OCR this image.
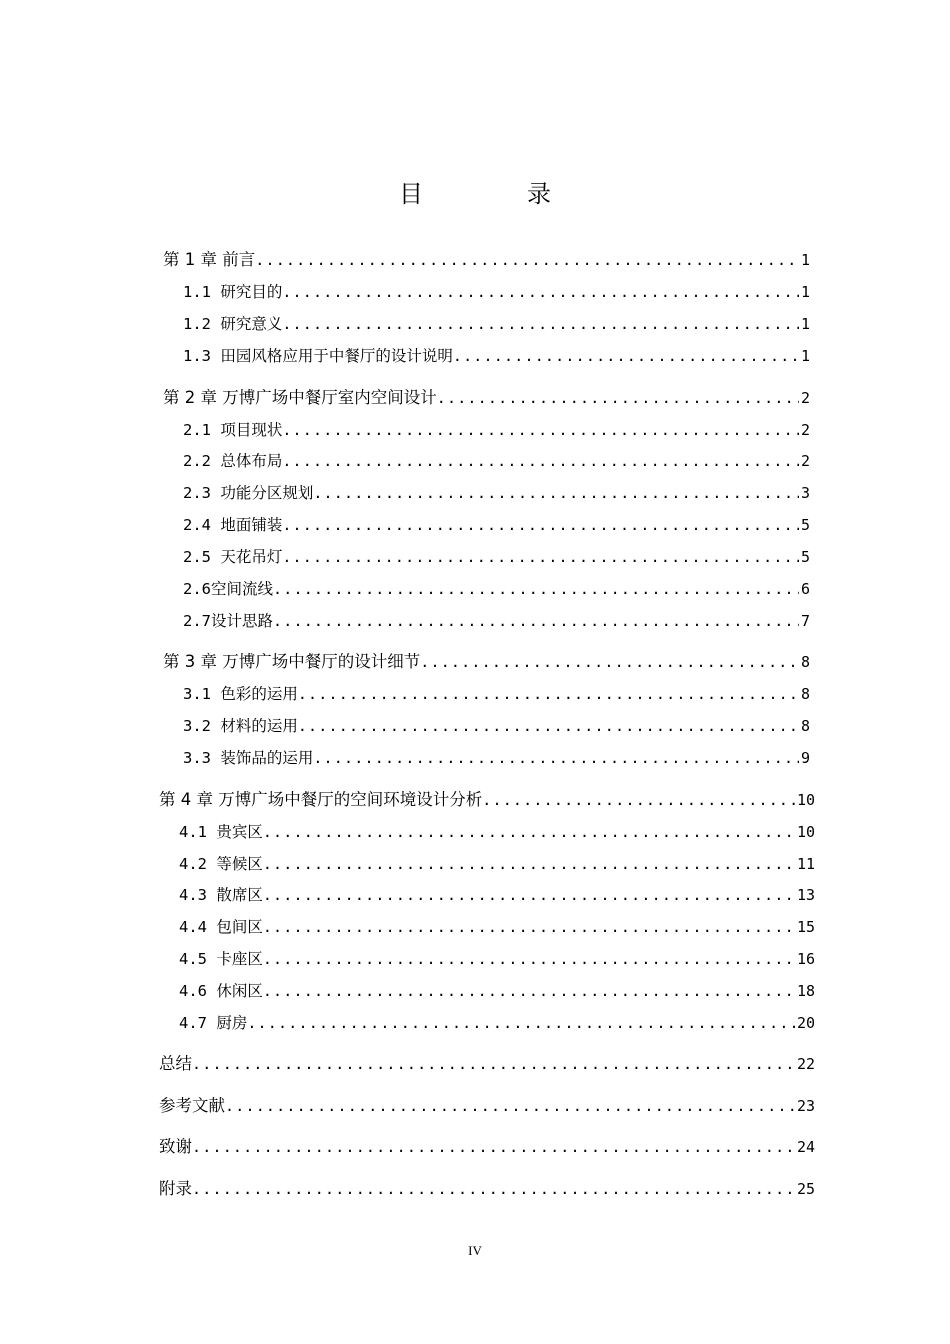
目　录
第 1 章 前言 .....	1
1.1 研究目的 .....	1
1.2 研究意义 .....	1
1.3 田园风格应用于中餐厅的设计说明 .....	1
第 2 章 万博广场中餐厅室内空间设计 .....	2
2.1 项目现状 .....	2
2.2 总体布局 .....	2
2.3 功能分区规划 .....	3
2.4 地面铺装 .....	5
2.5 天花吊灯 .....	5
2.6空间流线 .....	6
2.7设计思路 .....	7
第 3 章 万博广场中餐厅的设计细节 .....	8
3.1 色彩的运用 .....	8
3.2 材料的运用 .....	8
3.3 装饰品的运用 .....	9
第 4 章 万博广场中餐厅的空间环境设计分析 .....	10
4.1 贵宾区 .....	10
4.2 等候区 .....	11
4.3 散席区 .....	13
4.4 包间区 .....	15
4.5 卡座区 .....	16
4.6 休闲区 .....	18
4.7 厨房 .....	20
总结 .....	22
参考文献 .....	23
致谢 .....	24
附录 .....	25
IV
